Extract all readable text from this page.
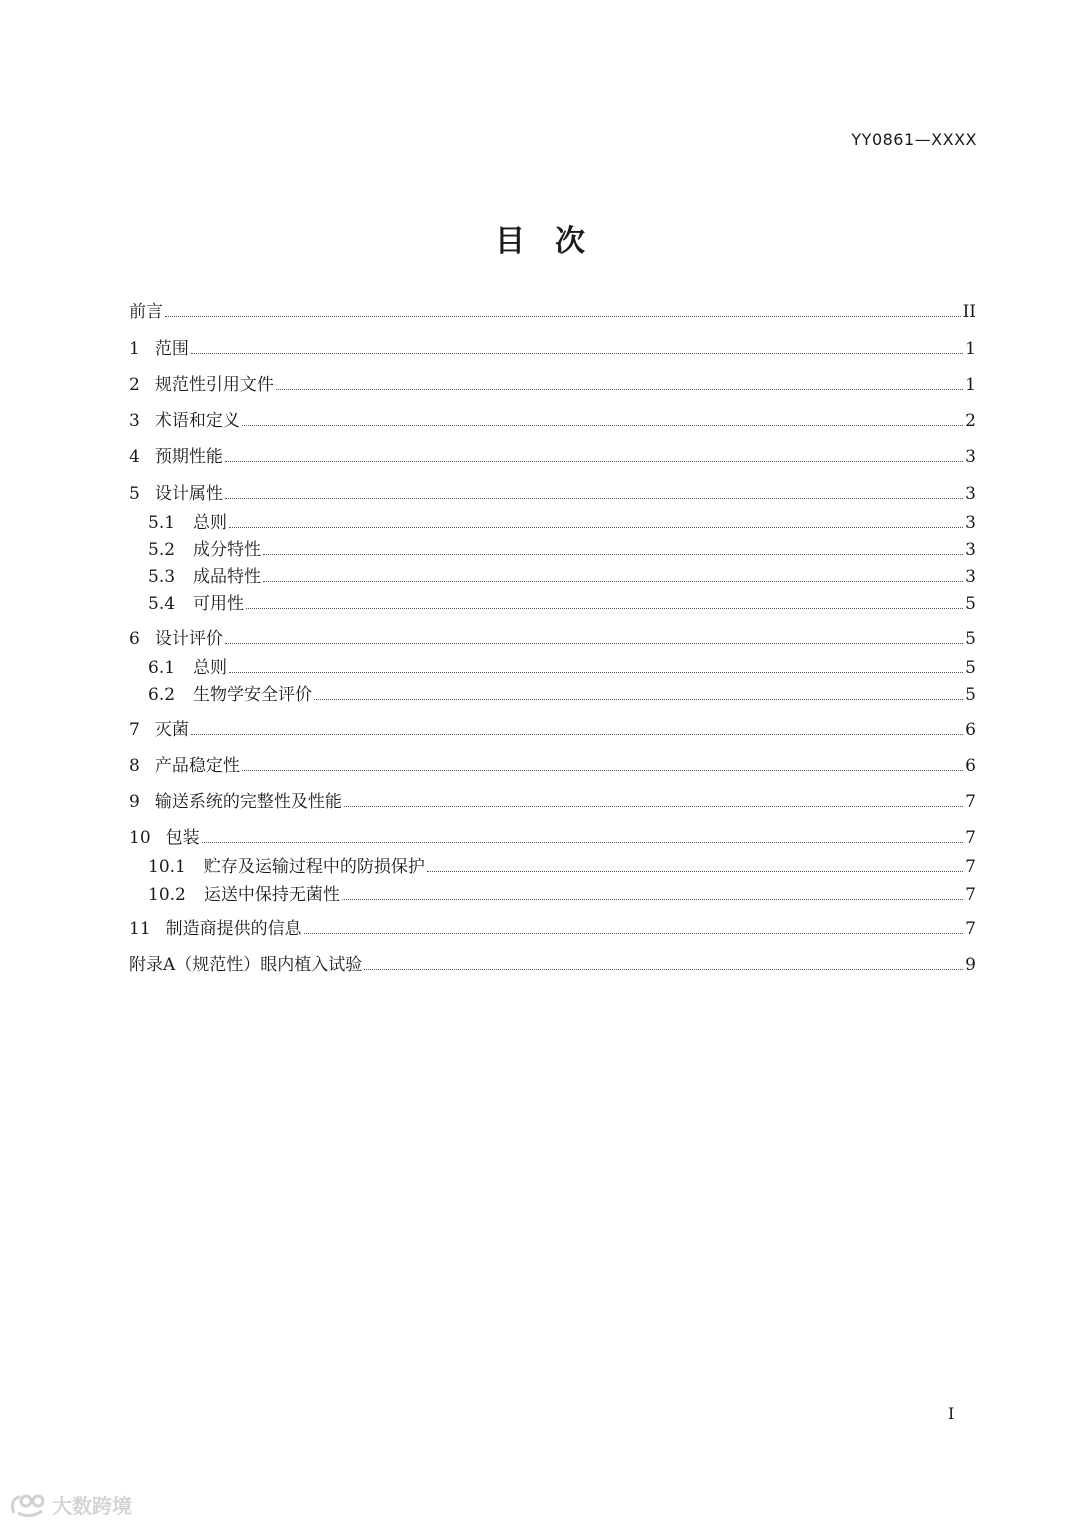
YY0861—XXXX
目　次
前言	II
1 范围	1
2 规范性引用文件	1
3 术语和定义	2
4 预期性能	3
5 设计属性	3
5.1 总则	3
5.2 成分特性	3
5.3 成品特性	3
5.4 可用性	5
6 设计评价	5
6.1 总则	5
6.2 生物学安全评价	5
7 灭菌	6
8 产品稳定性	6
9 输送系统的完整性及性能	7
10 包装	7
10.1 贮存及运输过程中的防损保护	7
10.2 运送中保持无菌性	7
11 制造商提供的信息	7
附录A（规范性）眼内植入试验	9
I
大数跨境
